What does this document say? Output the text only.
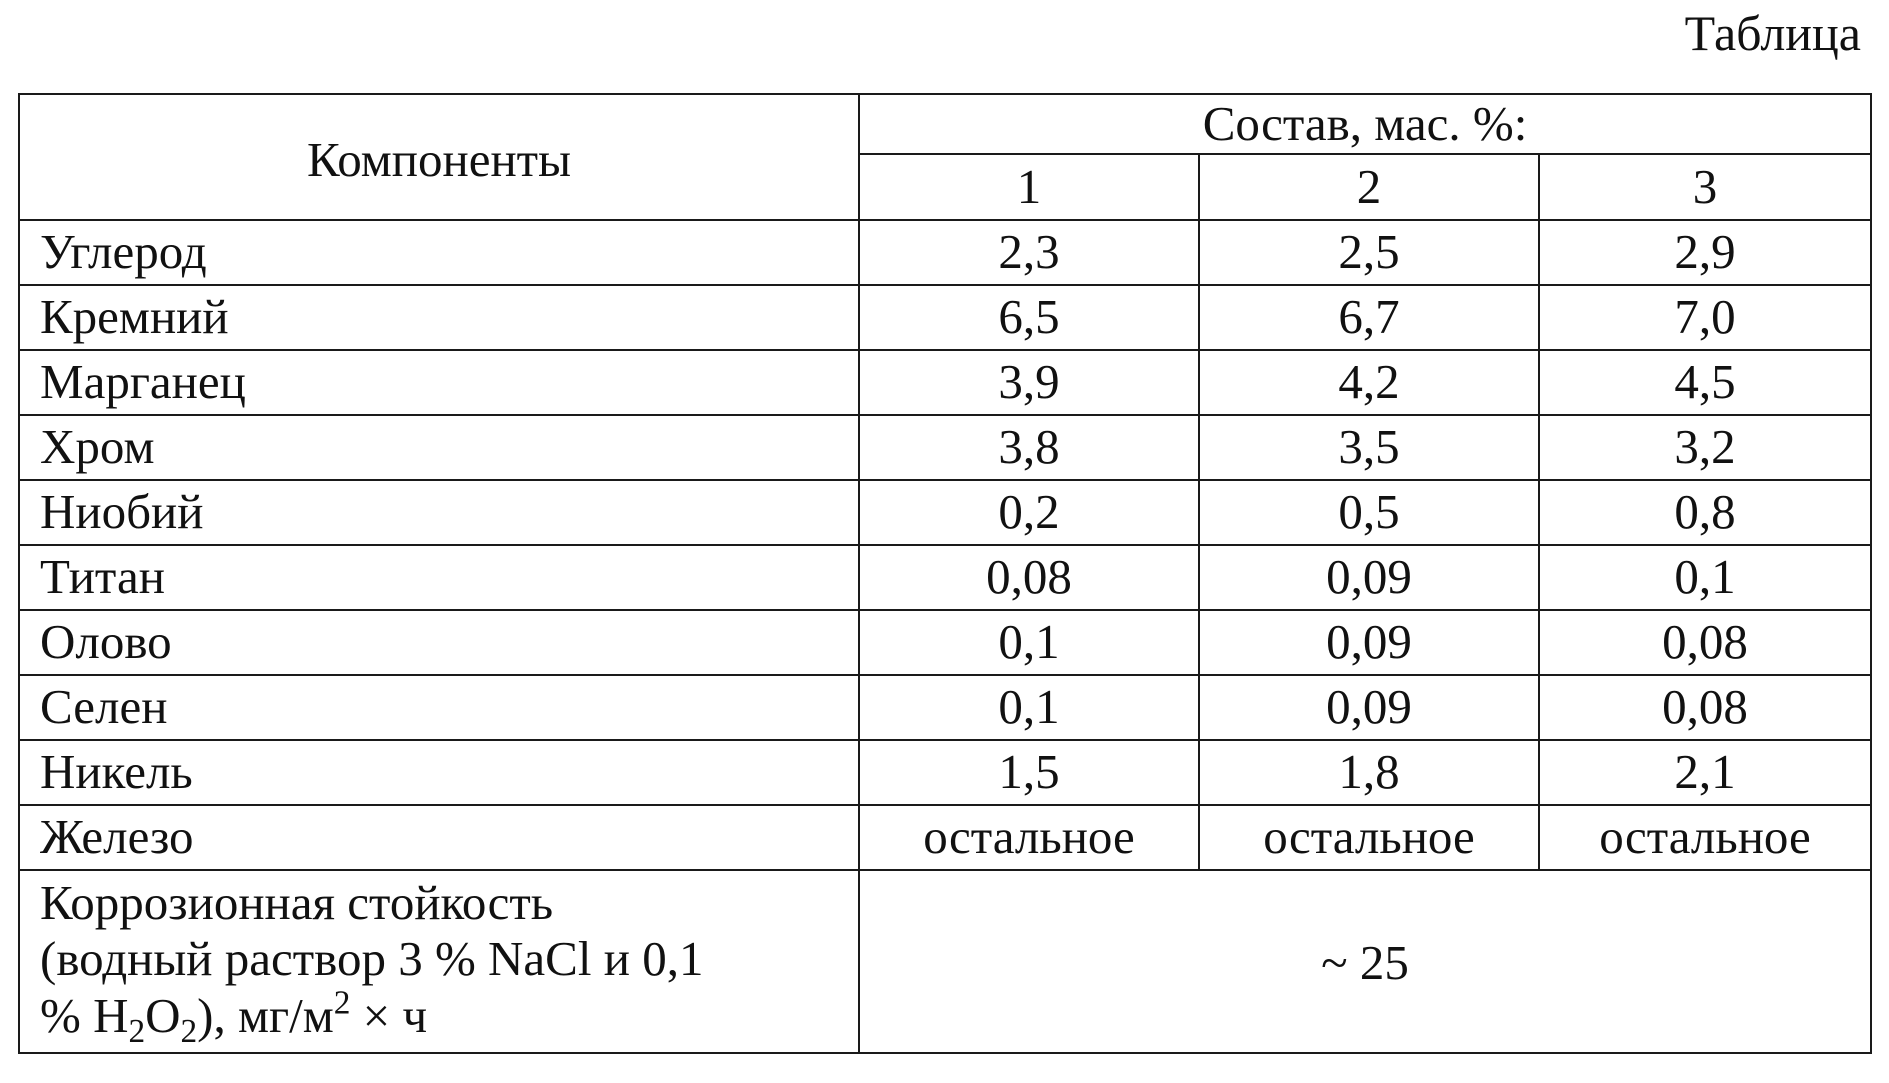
Таблица
Компоненты	Состав, мас. %:		
	1	2	3
Углерод	2,3	2,5	2,9
Кремний	6,5	6,7	7,0
Марганец	3,9	4,2	4,5
Хром	3,8	3,5	3,2
Ниобий	0,2	0,5	0,8
Титан	0,08	0,09	0,1
Олово	0,1	0,09	0,08
Селен	0,1	0,09	0,08
Никель	1,5	1,8	2,1
Железо	остальное	остальное	остальное

Коррозионная стойкость
(водный раствор 3 % NaCl и 0,1
% $H_2O_2$), $мг/м^2 \times ч$	~ 25		
